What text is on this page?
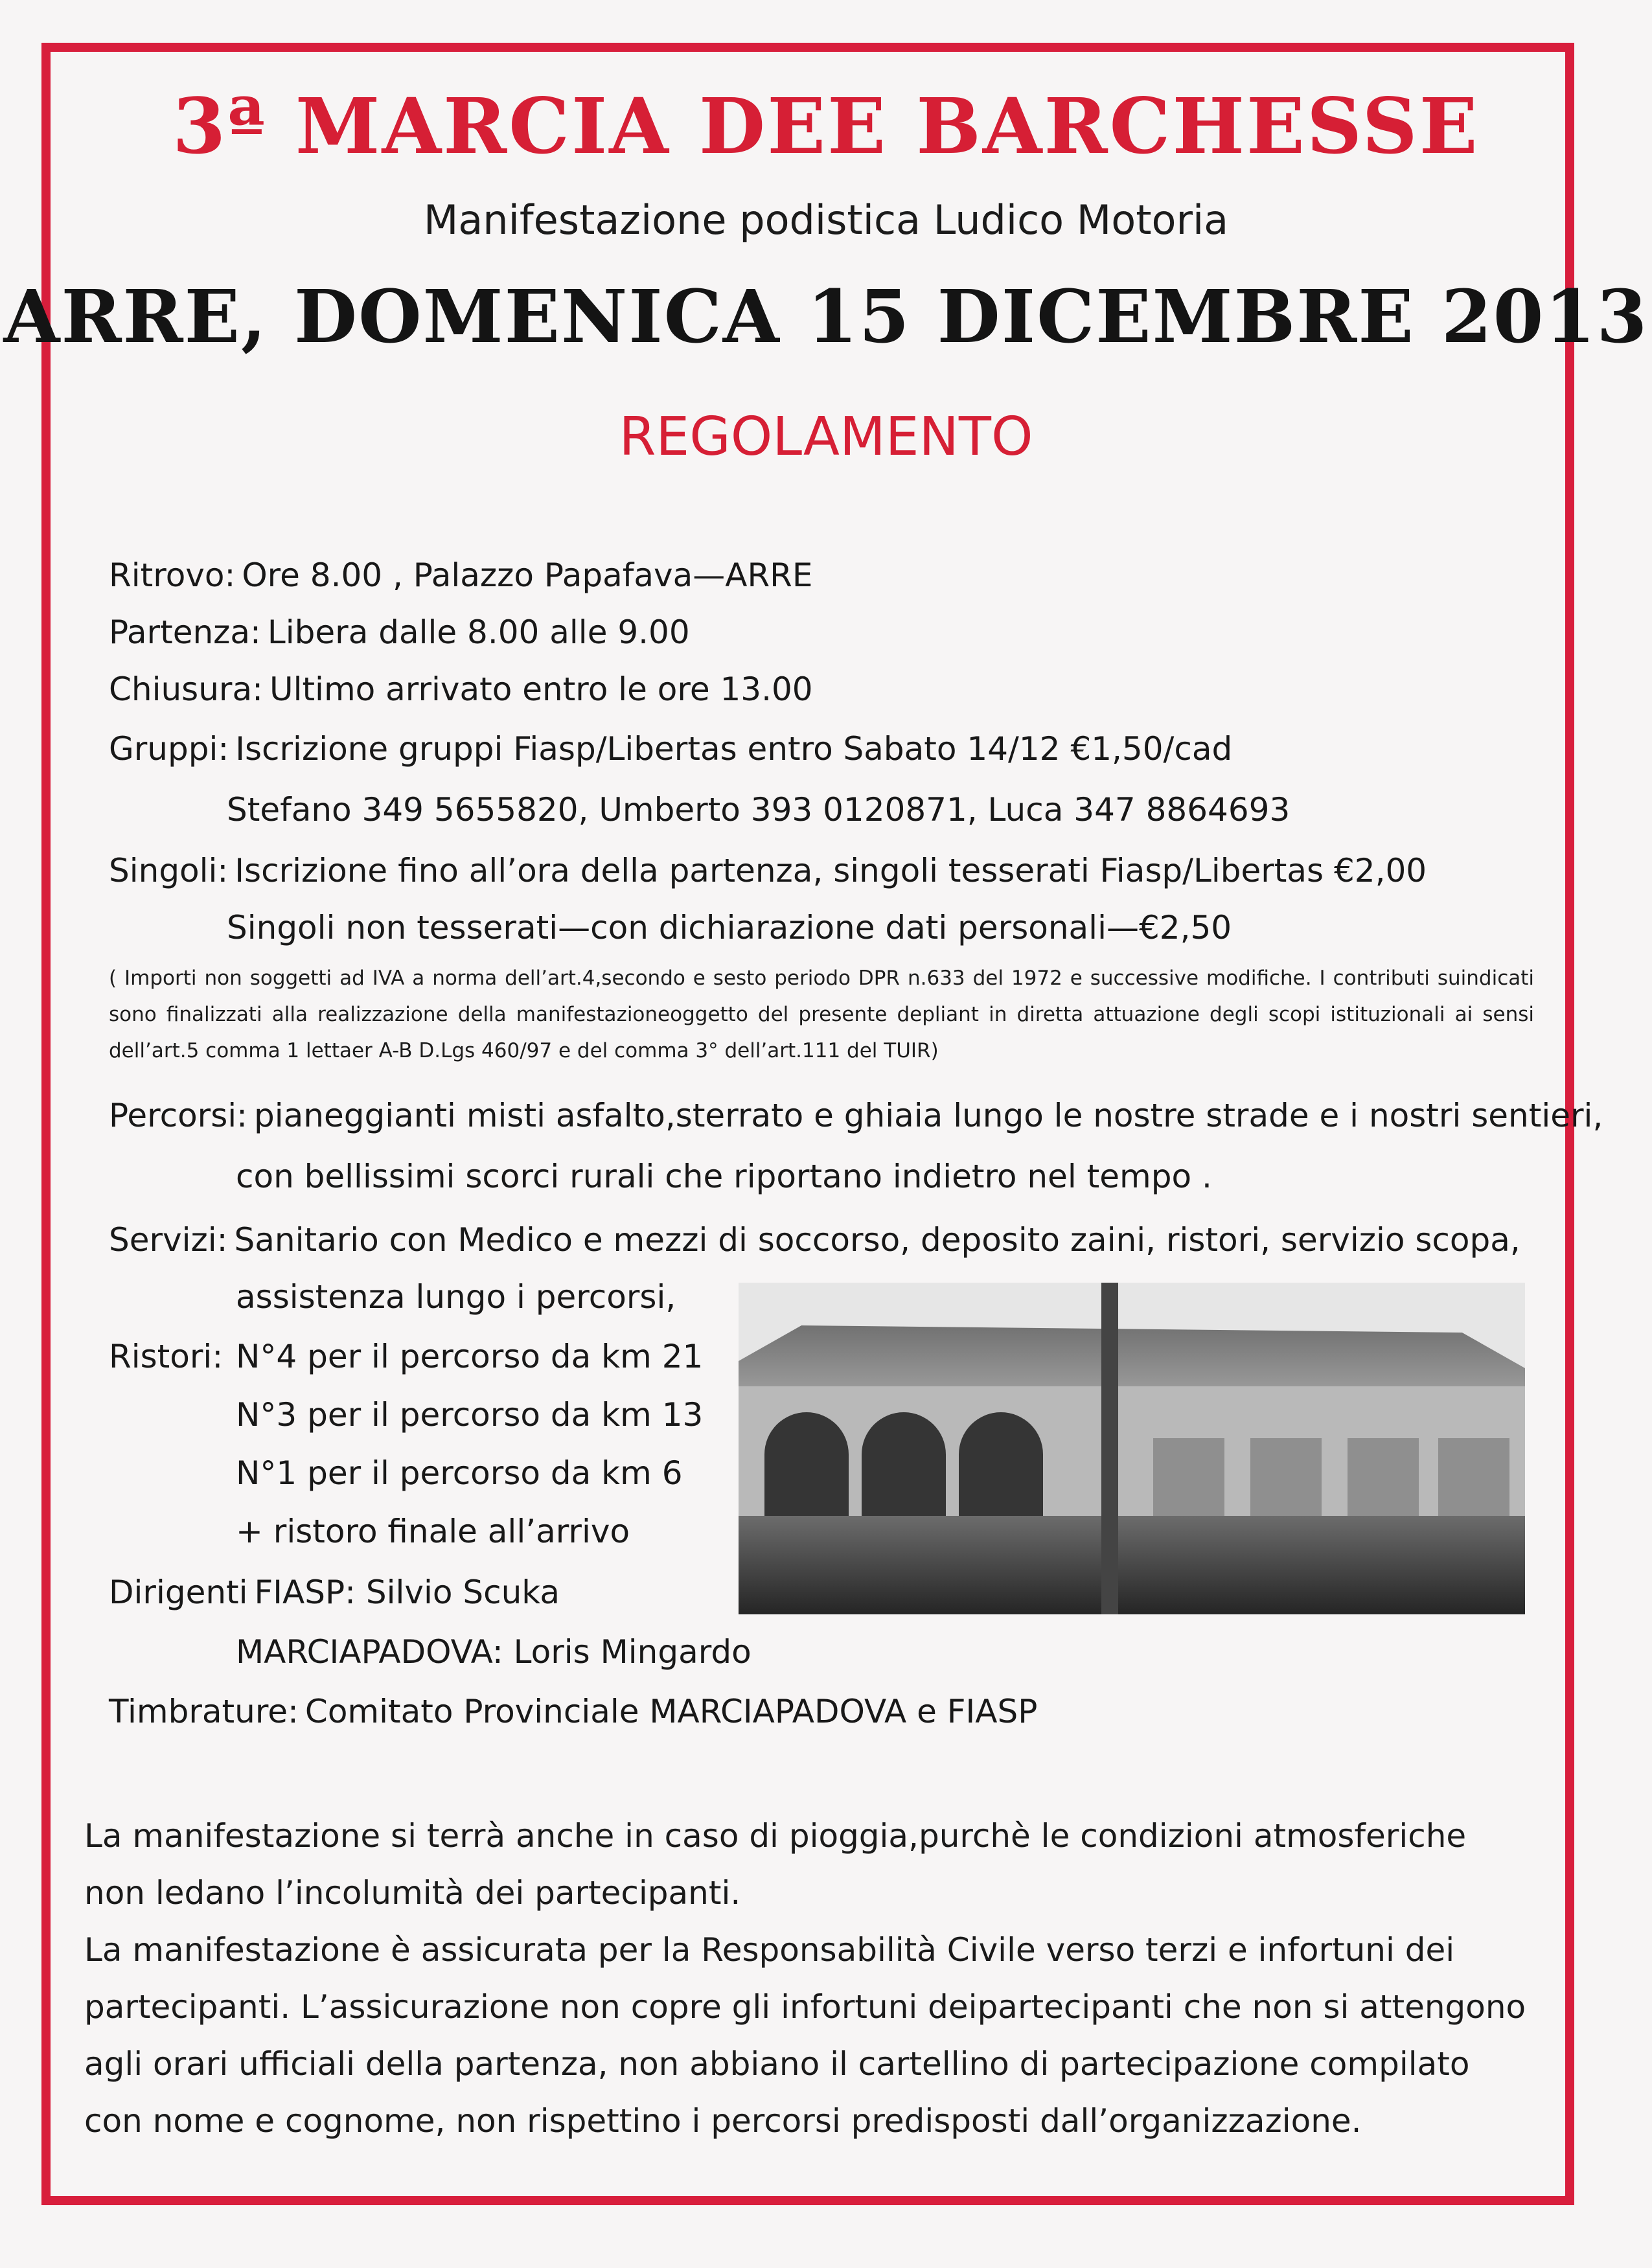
3ª MARCIA DEE BARCHESSE
Manifestazione podistica Ludico Motoria
ARRE, DOMENICA 15 DICEMBRE 2013
REGOLAMENTO
Ritrovo: Ore 8.00 , Palazzo Papafava—ARRE
Partenza: Libera dalle 8.00 alle 9.00
Chiusura: Ultimo arrivato entro le ore 13.00
Gruppi: Iscrizione gruppi Fiasp/Libertas entro Sabato 14/12 €1,50/cad
Stefano 349 5655820, Umberto 393 0120871, Luca 347 8864693
Singoli: Iscrizione fino all’ora della partenza, singoli tesserati Fiasp/Libertas €2,00
Singoli non tesserati—con dichiarazione dati personali—€2,50
( Importi non soggetti ad IVA a norma dell’art.4,secondo e sesto periodo DPR n.633 del 1972 e successive modifiche. I contributi suindicati sono finalizzati alla realizzazione della manifestazioneoggetto del presente depliant in diretta attuazione degli scopi istituzionali ai sensi dell’art.5 comma 1 lettaer A-B D.Lgs 460/97 e del comma 3° dell’art.111 del TUIR)
Percorsi: pianeggianti misti asfalto,sterrato e ghiaia lungo le nostre strade e i nostri sentieri,
con bellissimi scorci rurali che riportano indietro nel tempo .
Servizi: Sanitario con Medico e mezzi di soccorso, deposito zaini, ristori, servizio scopa,
assistenza lungo i percorsi,
Ristori: N°4 per il percorso da km 21
N°3 per il percorso da km 13
N°1 per il percorso da km 6
+ ristoro finale all’arrivo
Dirigenti FIASP: Silvio Scuka
MARCIAPADOVA: Loris Mingardo
Timbrature: Comitato Provinciale MARCIAPADOVA e FIASP
La manifestazione si terrà anche in caso di pioggia,purchè le condizioni atmosferiche non ledano l’incolumità dei partecipanti.
La manifestazione è assicurata per la Responsabilità Civile verso terzi e infortuni dei partecipanti. L’assicurazione non copre gli infortuni deipartecipanti che non si attengono agli orari ufficiali della partenza, non abbiano il cartellino di partecipazione compilato con nome e cognome, non rispettino i percorsi predisposti dall’organizzazione.
